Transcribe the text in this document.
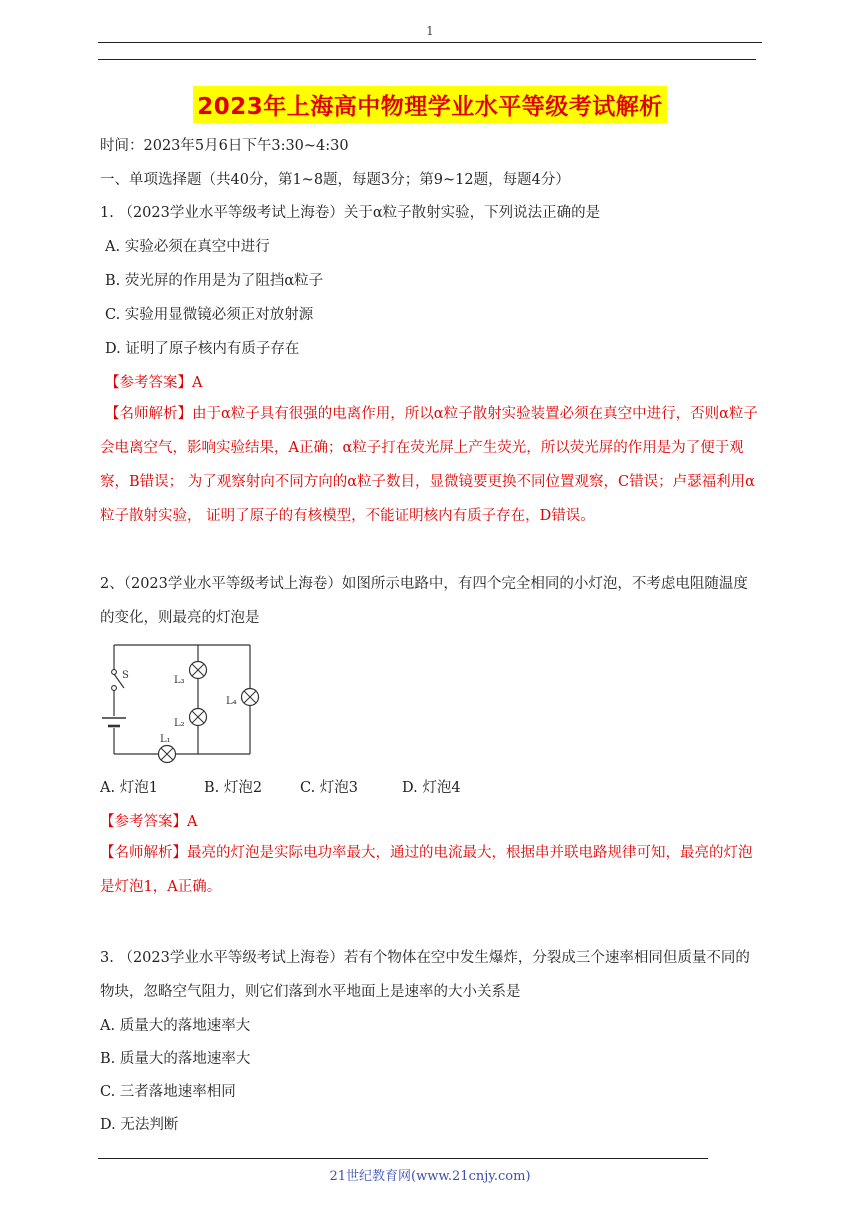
1
2023年上海高中物理学业水平等级考试解析
时间：2023年5月6日下午3:30~4:30
一、单项选择题（共40分，第1~8题，每题3分；第9~12题，每题4分）
1. （2023学业水平等级考试上海卷）关于α粒子散射实验，下列说法正确的是
A. 实验必须在真空中进行
B. 荧光屏的作用是为了阻挡α粒子
C. 实验用显微镜必须正对放射源
D. 证明了原子核内有质子存在
【参考答案】A
【名师解析】由于α粒子具有很强的电离作用，所以α粒子散射实验装置必须在真空中进行，否则α粒子会电离空气，影响实验结果，A正确；α粒子打在荧光屏上产生荧光，所以荧光屏的作用是为了便于观察，B错误； 为了观察射向不同方向的α粒子数目，显微镜要更换不同位置观察，C错误；卢瑟福利用α粒子散射实验， 证明了原子的有核模型，不能证明核内有质子存在，D错误。
2、（2023学业水平等级考试上海卷）如图所示电路中，有四个完全相同的小灯泡，不考虑电阻随温度的变化，则最亮的灯泡是
S	L₃
L₂
L₄
L₁
A. 灯泡1	B. 灯泡2	C. 灯泡3	D. 灯泡4
【参考答案】A
【名师解析】最亮的灯泡是实际电功率最大，通过的电流最大，根据串并联电路规律可知，最亮的灯泡是灯泡1，A正确。
3. （2023学业水平等级考试上海卷）若有个物体在空中发生爆炸，分裂成三个速率相同但质量不同的物块，忽略空气阻力，则它们落到水平地面上是速率的大小关系是
A. 质量大的落地速率大
B. 质量大的落地速率大
C. 三者落地速率相同
D. 无法判断
21世纪教育网(www.21cnjy.com)
